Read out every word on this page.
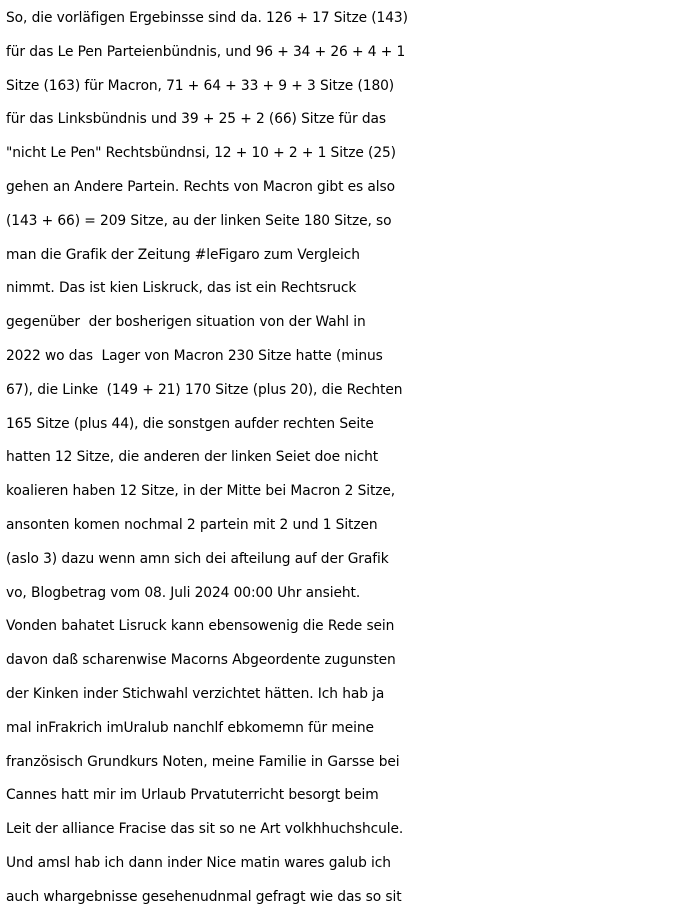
So, die vorläfigen Ergebinsse sind da. 126 + 17 Sitze (143)
für das Le Pen Parteienbündnis, und 96 + 34 + 26 + 4 + 1
Sitze (163) für Macron, 71 + 64 + 33 + 9 + 3 Sitze (180)
für das Linksbündnis und 39 + 25 + 2 (66) Sitze für das
"nicht Le Pen" Rechtsbündnsi, 12 + 10 + 2 + 1 Sitze (25)
gehen an Andere Partein. Rechts von Macron gibt es also
(143 + 66) = 209 Sitze, au der linken Seite 180 Sitze, so
man die Grafik der Zeitung #leFigaro zum Vergleich
nimmt. Das ist kien Liskruck, das ist ein Rechtsruck
gegenüber  der bosherigen situation von der Wahl in
2022 wo das  Lager von Macron 230 Sitze hatte (minus
67), die Linke  (149 + 21) 170 Sitze (plus 20), die Rechten
165 Sitze (plus 44), die sonstgen aufder rechten Seite
hatten 12 Sitze, die anderen der linken Seiet doe nicht
koalieren haben 12 Sitze, in der Mitte bei Macron 2 Sitze,
ansonten komen nochmal 2 partein mit 2 und 1 Sitzen
(aslo 3) dazu wenn amn sich dei afteilung auf der Grafik
vo, Blogbetrag vom 08. Juli 2024 00:00 Uhr ansieht.
Vonden bahatet Lisruck kann ebensowenig die Rede sein
davon daß scharenwise Macorns Abgeordente zugunsten
der Kinken inder Stichwahl verzichtet hätten. Ich hab ja
mal inFrakrich imUralub nanchlf ebkomemn für meine
französisch Grundkurs Noten, meine Familie in Garsse bei
Cannes hatt mir im Urlaub Prvatuterricht besorgt beim
Leit der alliance Fracise das sit so ne Art volkhhuchshcule.
Und amsl hab ich dann inder Nice matin wares galub ich
auch whargebnisse gesehenudnmal gefragt wie das so sit
